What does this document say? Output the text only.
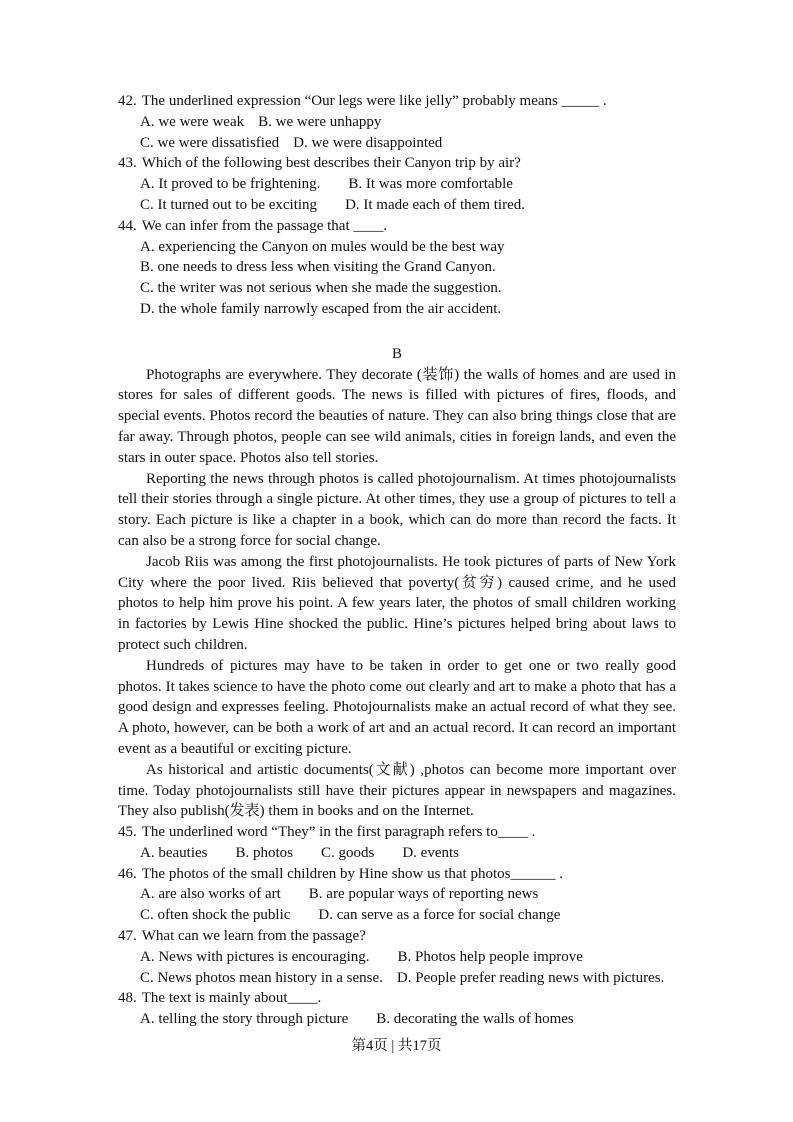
42. The underlined expression “Our legs were like jelly” probably means _____ .
A. we were weak B. we were unhappy
C. we were dissatisfied D. we were disappointed
43. Which of the following best describes their Canyon trip by air?
A. It proved to be frightening. B. It was more comfortable
C. It turned out to be exciting D. It made each of them tired.
44. We can infer from the passage that ____.
A. experiencing the Canyon on mules would be the best way
B. one needs to dress less when visiting the Grand Canyon.
C. the writer was not serious when she made the suggestion.
D. the whole family narrowly escaped from the air accident.
B

Photographs are everywhere. They decorate (装饰) the walls of homes and are used in stores for sales of different goods. The news is filled with pictures of fires, floods, and special events. Photos record the beauties of nature. They can also bring things close that are far away. Through photos, people can see wild animals, cities in foreign lands, and even the stars in outer space. Photos also tell stories.

Reporting the news through photos is called photojournalism. At times photojournalists tell their stories through a single picture. At other times, they use a group of pictures to tell a story. Each picture is like a chapter in a book, which can do more than record the facts. It can also be a strong force for social change.

Jacob Riis was among the first photojournalists. He took pictures of parts of New York City where the poor lived. Riis believed that poverty(贫穷) caused crime, and he used photos to help him prove his point. A few years later, the photos of small children working in factories by Lewis Hine shocked the public. Hine’s pictures helped bring about laws to protect such children.

Hundreds of pictures may have to be taken in order to get one or two really good photos. It takes science to have the photo come out clearly and art to make a photo that has a good design and expresses feeling. Photojournalists make an actual record of what they see. A photo, however, can be both a work of art and an actual record. It can record an important event as a beautiful or exciting picture.

As historical and artistic documents(文献) ,photos can become more important over time. Today photojournalists still have their pictures appear in newspapers and magazines. They also publish(发表) them in books and on the Internet.

45. The underlined word “They” in the first paragraph refers to____ .
A. beauties B. photos C. goods D. events
46. The photos of the small children by Hine show us that photos______ .
A. are also works of art B. are popular ways of reporting news
C. often shock the public D. can serve as a force for social change
47. What can we learn from the passage?
A. News with pictures is encouraging. B. Photos help people improve
C. News photos mean history in a sense. D. People prefer reading news with pictures.
48. The text is mainly about____.
A. telling the story through picture B. decorating the walls of homes
第4页 | 共17页
